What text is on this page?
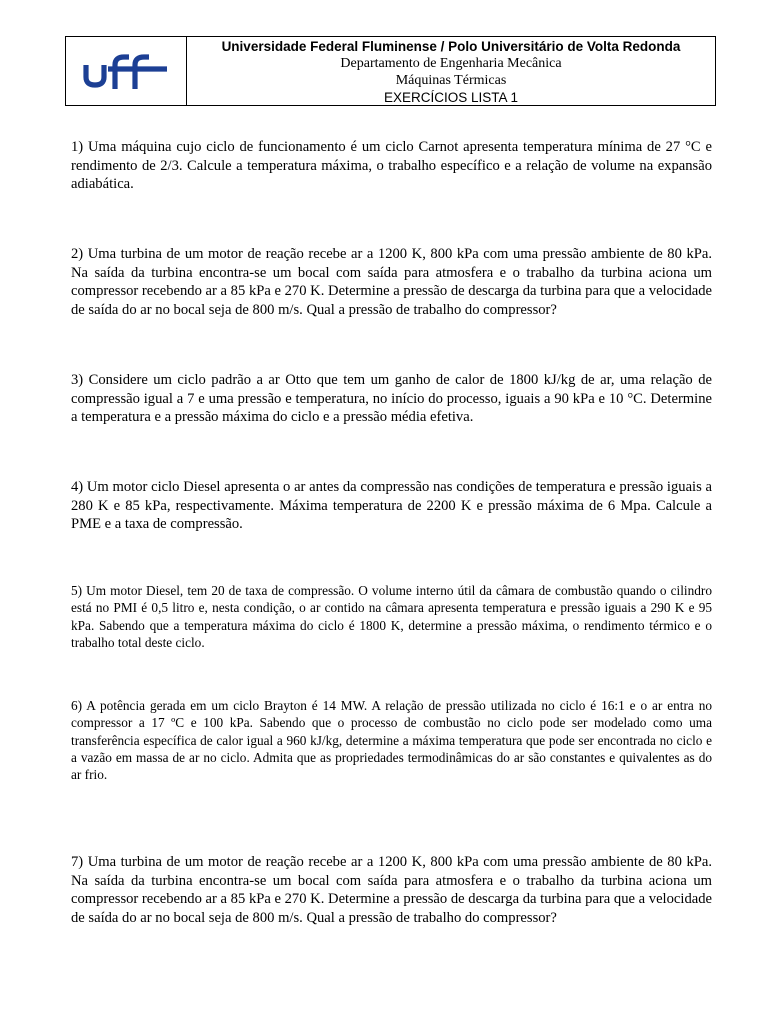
Universidade Federal Fluminense / Polo Universitário de Volta Redonda
Departamento de Engenharia Mecânica
Máquinas Térmicas
EXERCÍCIOS LISTA 1

1) Uma máquina cujo ciclo de funcionamento é um ciclo Carnot apresenta temperatura mínima de 27 °C e rendimento de 2/3. Calcule a temperatura máxima, o trabalho específico e a relação de volume na expansão adiabática.

2) Uma turbina de um motor de reação recebe ar a 1200 K, 800 kPa com uma pressão ambiente de 80 kPa. Na saída da turbina encontra-se um bocal com saída para atmosfera e o trabalho da turbina aciona um compressor recebendo ar a 85 kPa e 270 K. Determine a pressão de descarga da turbina para que a velocidade de saída do ar no bocal seja de 800 m/s. Qual a pressão de trabalho do compressor?

3) Considere um ciclo padrão a ar Otto que tem um ganho de calor de 1800 kJ/kg de ar, uma relação de compressão igual a 7 e uma pressão e temperatura, no início do processo, iguais a 90 kPa e 10 °C. Determine a temperatura e a pressão máxima do ciclo e a pressão média efetiva.

4) Um motor ciclo Diesel apresenta o ar antes da compressão nas condições de temperatura e pressão iguais a 280 K e 85 kPa, respectivamente. Máxima temperatura de 2200 K e pressão máxima de 6 Mpa. Calcule a PME e a taxa de compressão.

5) Um motor Diesel, tem 20 de taxa de compressão. O volume interno útil da câmara de combustão quando o cilindro está no PMI é 0,5 litro e, nesta condição, o ar contido na câmara apresenta temperatura e pressão iguais a 290 K e 95 kPa. Sabendo que a temperatura máxima do ciclo é 1800 K, determine a pressão máxima, o rendimento térmico e o trabalho total deste ciclo.

6) A potência gerada em um ciclo Brayton é 14 MW. A relação de pressão utilizada no ciclo é 16:1 e o ar entra no compressor a 17 ºC e 100 kPa. Sabendo que o processo de combustão no ciclo pode ser modelado como uma transferência específica de calor igual a 960 kJ/kg, determine a máxima temperatura que pode ser encontrada no ciclo e a vazão em massa de ar no ciclo. Admita que as propriedades termodinâmicas do ar são constantes e quivalentes as do ar frio.

7) Uma turbina de um motor de reação recebe ar a 1200 K, 800 kPa com uma pressão ambiente de 80 kPa. Na saída da turbina encontra-se um bocal com saída para atmosfera e o trabalho da turbina aciona um compressor recebendo ar a 85 kPa e 270 K. Determine a pressão de descarga da turbina para que a velocidade de saída do ar no bocal seja de 800 m/s. Qual a pressão de trabalho do compressor?
